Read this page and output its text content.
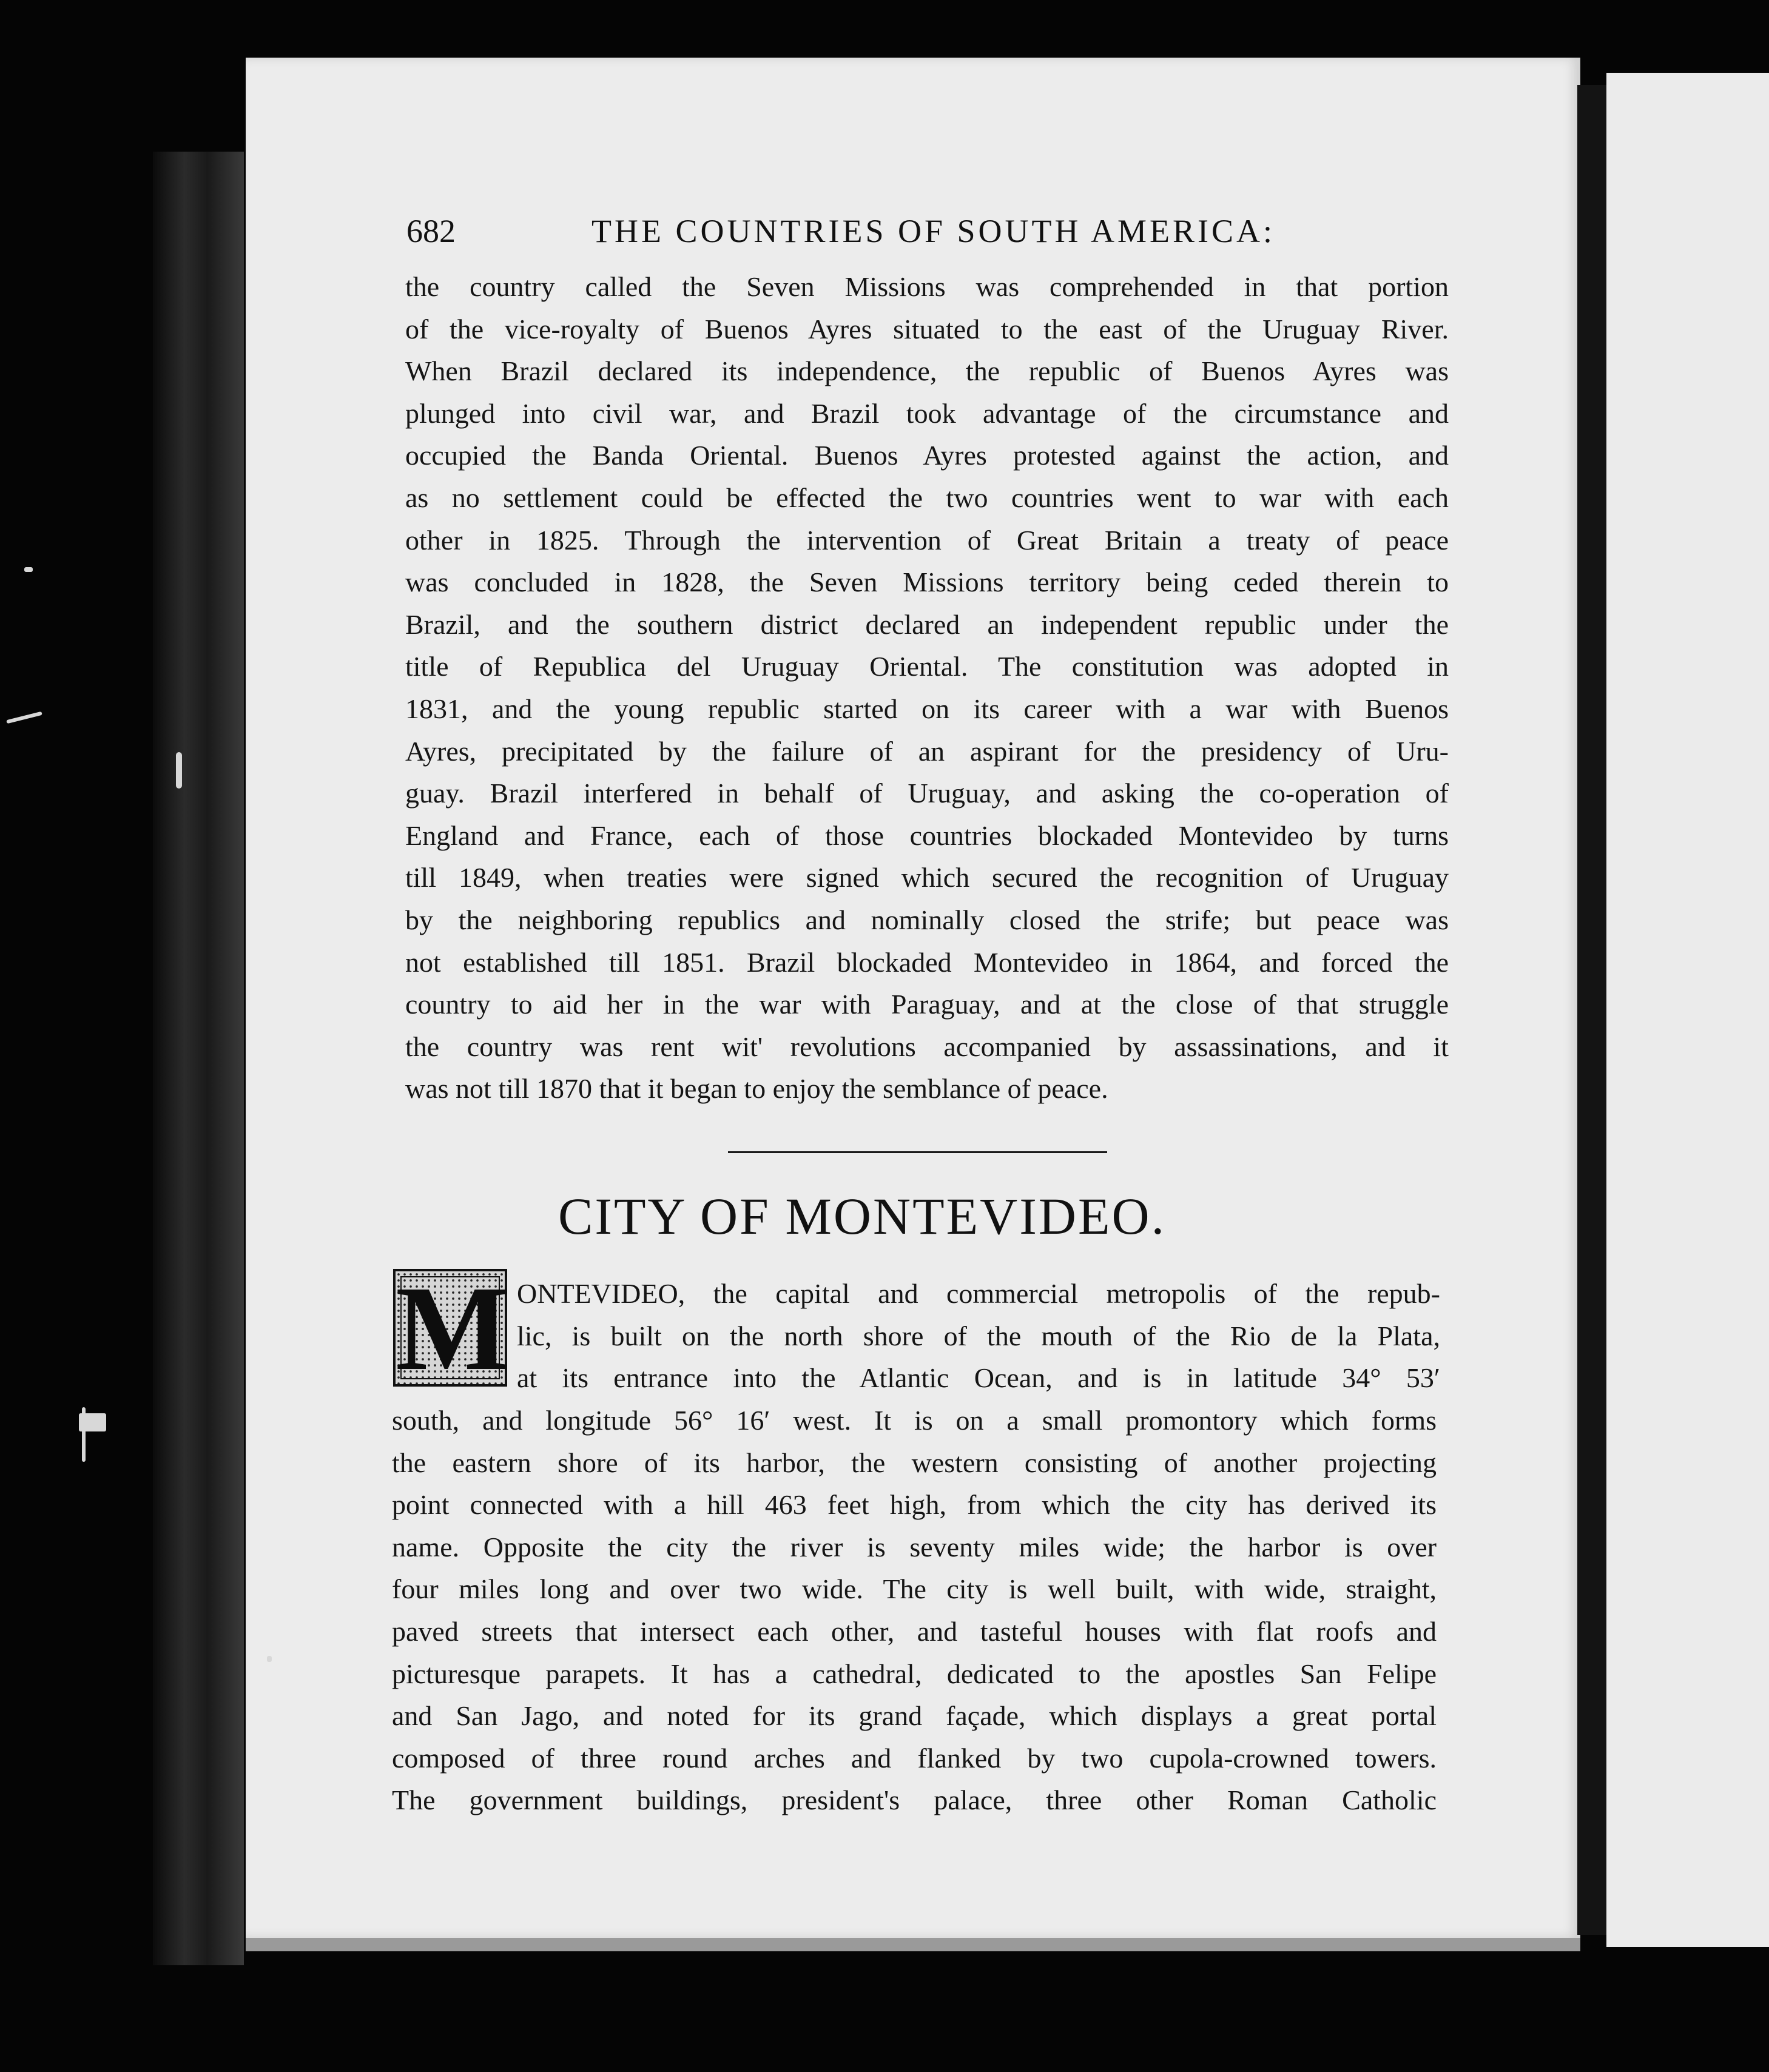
682	THE COUNTRIES OF SOUTH AMERICA:
the country called the Seven Missions was comprehended in that portion
of the vice-royalty of Buenos Ayres situated to the east of the Uruguay River.
When Brazil declared its independence, the republic of Buenos Ayres was
plunged into civil war, and Brazil took advantage of the circumstance and
occupied the Banda Oriental. Buenos Ayres protested against the action, and
as no settlement could be effected the two countries went to war with each
other in 1825. Through the intervention of Great Britain a treaty of peace
was concluded in 1828, the Seven Missions territory being ceded therein to
Brazil, and the southern district declared an independent republic under the
title of Republica del Uruguay Oriental. The constitution was adopted in
1831, and the young republic started on its career with a war with Buenos
Ayres, precipitated by the failure of an aspirant for the presidency of Uru-
guay. Brazil interfered in behalf of Uruguay, and asking the co-operation of
England and France, each of those countries blockaded Montevideo by turns
till 1849, when treaties were signed which secured the recognition of Uruguay
by the neighboring republics and nominally closed the strife; but peace was
not established till 1851. Brazil blockaded Montevideo in 1864, and forced the
country to aid her in the war with Paraguay, and at the close of that struggle
the country was rent wit' revolutions accompanied by assassinations, and it
was not till 1870 that it began to enjoy the semblance of peace.
CITY OF MONTEVIDEO.
M ONTEVIDEO, the capital and commercial metropolis of the repub-
lic, is built on the north shore of the mouth of the Rio de la Plata,
at its entrance into the Atlantic Ocean, and is in latitude 34° 53′
south, and longitude 56° 16′ west. It is on a small promontory which forms
the eastern shore of its harbor, the western consisting of another projecting
point connected with a hill 463 feet high, from which the city has derived its
name. Opposite the city the river is seventy miles wide; the harbor is over
four miles long and over two wide. The city is well built, with wide, straight,
paved streets that intersect each other, and tasteful houses with flat roofs and
picturesque parapets. It has a cathedral, dedicated to the apostles San Felipe
and San Jago, and noted for its grand façade, which displays a great portal
composed of three round arches and flanked by two cupola-crowned towers.
The government buildings, president's palace, three other Roman Catholic
